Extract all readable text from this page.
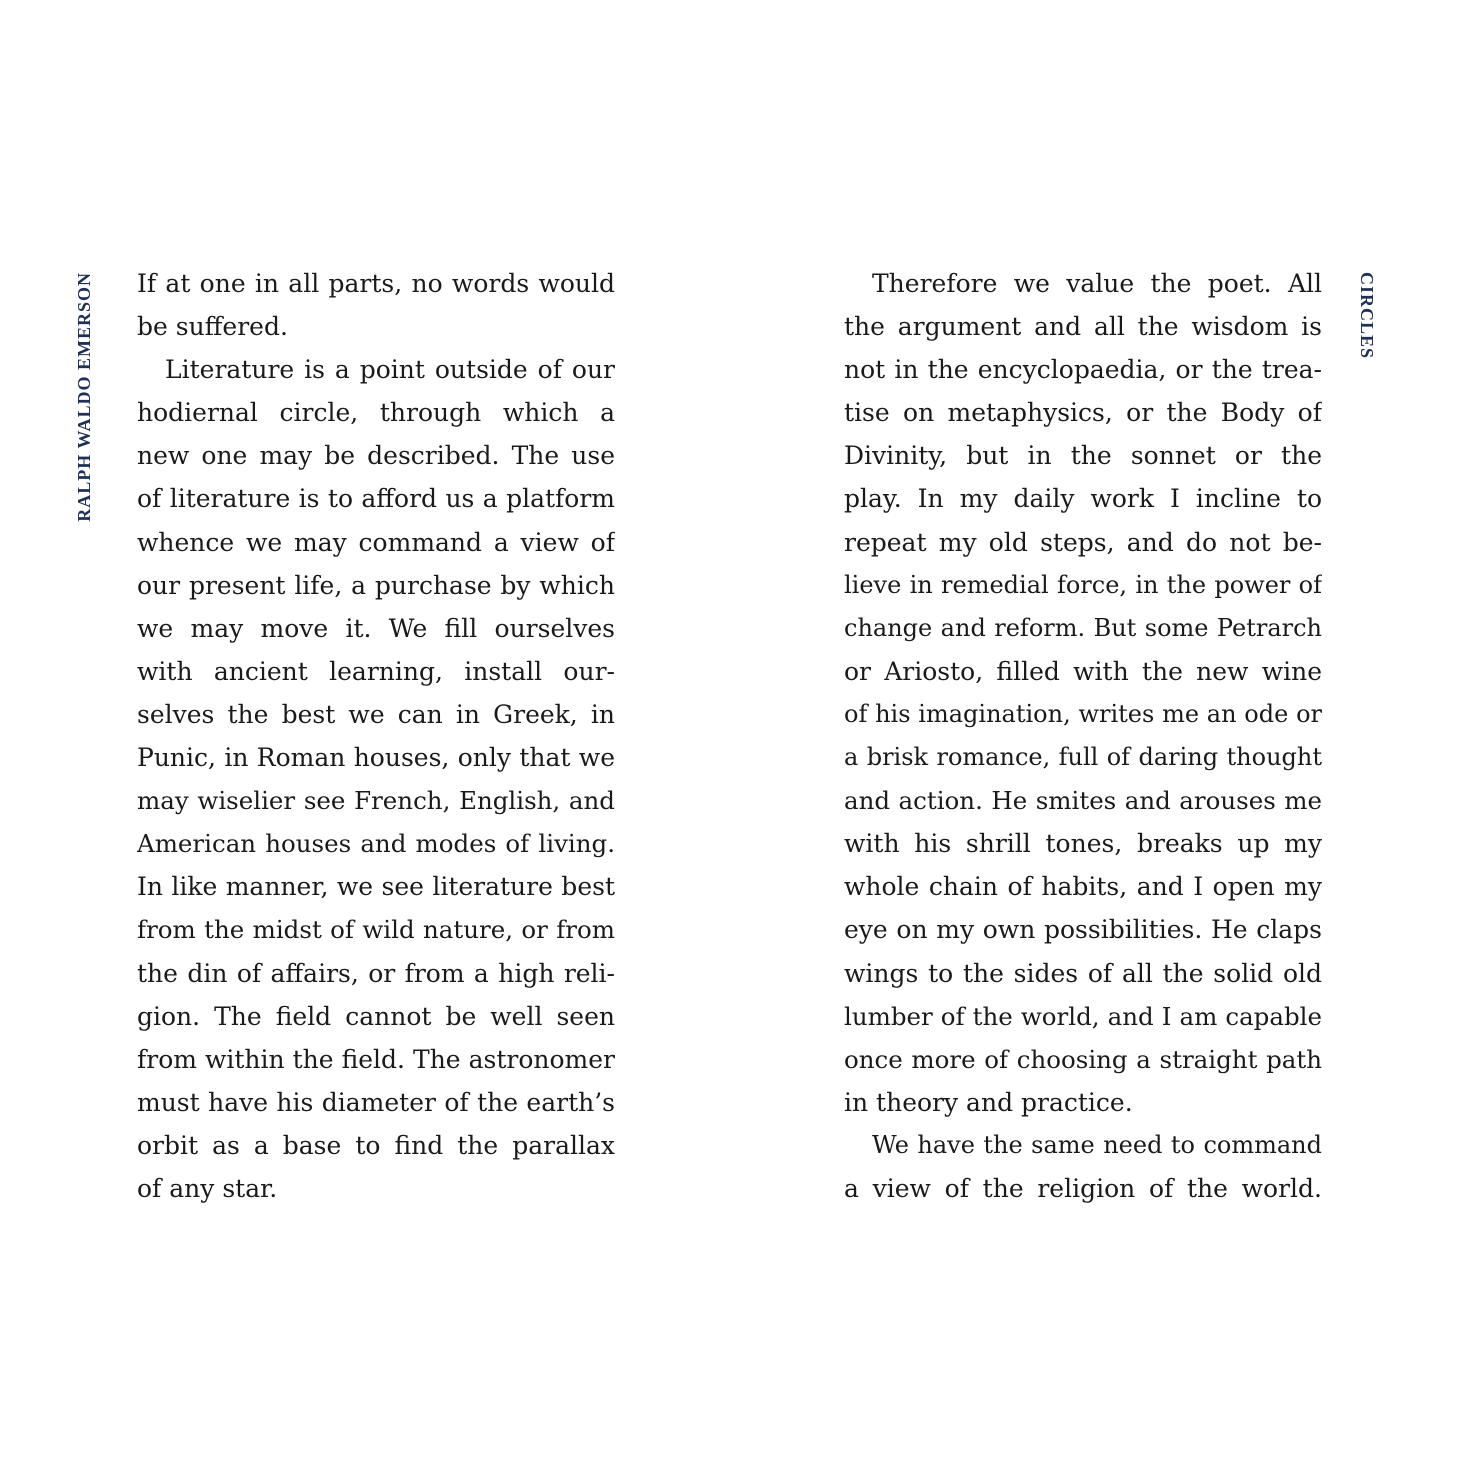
RALPH WALDO EMERSON If at one in all parts, no words would
be suffered.
Literature is a point outside of our
hodiernal circle, through which a
new one may be described. The use
of literature is to afford us a platform
whence we may command a view of
our present life, a purchase by which
we may move it. We fill ourselves
with ancient learning, install our-
selves the best we can in Greek, in
Punic, in Roman houses, only that we
may wiselier see French, English, and
American houses and modes of living.
In like manner, we see literature best
from the midst of wild nature, or from
the din of affairs, or from a high reli-
gion. The field cannot be well seen
from within the field. The astronomer
must have his diameter of the earth’s
orbit as a base to find the parallax
of any star.
CIRCLES
Therefore we value the poet. All
the argument and all the wisdom is
not in the encyclopaedia, or the trea-
tise on metaphysics, or the Body of
Divinity, but in the sonnet or the
play. In my daily work I incline to
repeat my old steps, and do not be-
lieve in remedial force, in the power of
change and reform. But some Petrarch
or Ariosto, filled with the new wine
of his imagination, writes me an ode or
a brisk romance, full of daring thought
and action. He smites and arouses me
with his shrill tones, breaks up my
whole chain of habits, and I open my
eye on my own possibilities. He claps
wings to the sides of all the solid old
lumber of the world, and I am capable
once more of choosing a straight path
in theory and practice.
We have the same need to command
a view of the religion of the world.
